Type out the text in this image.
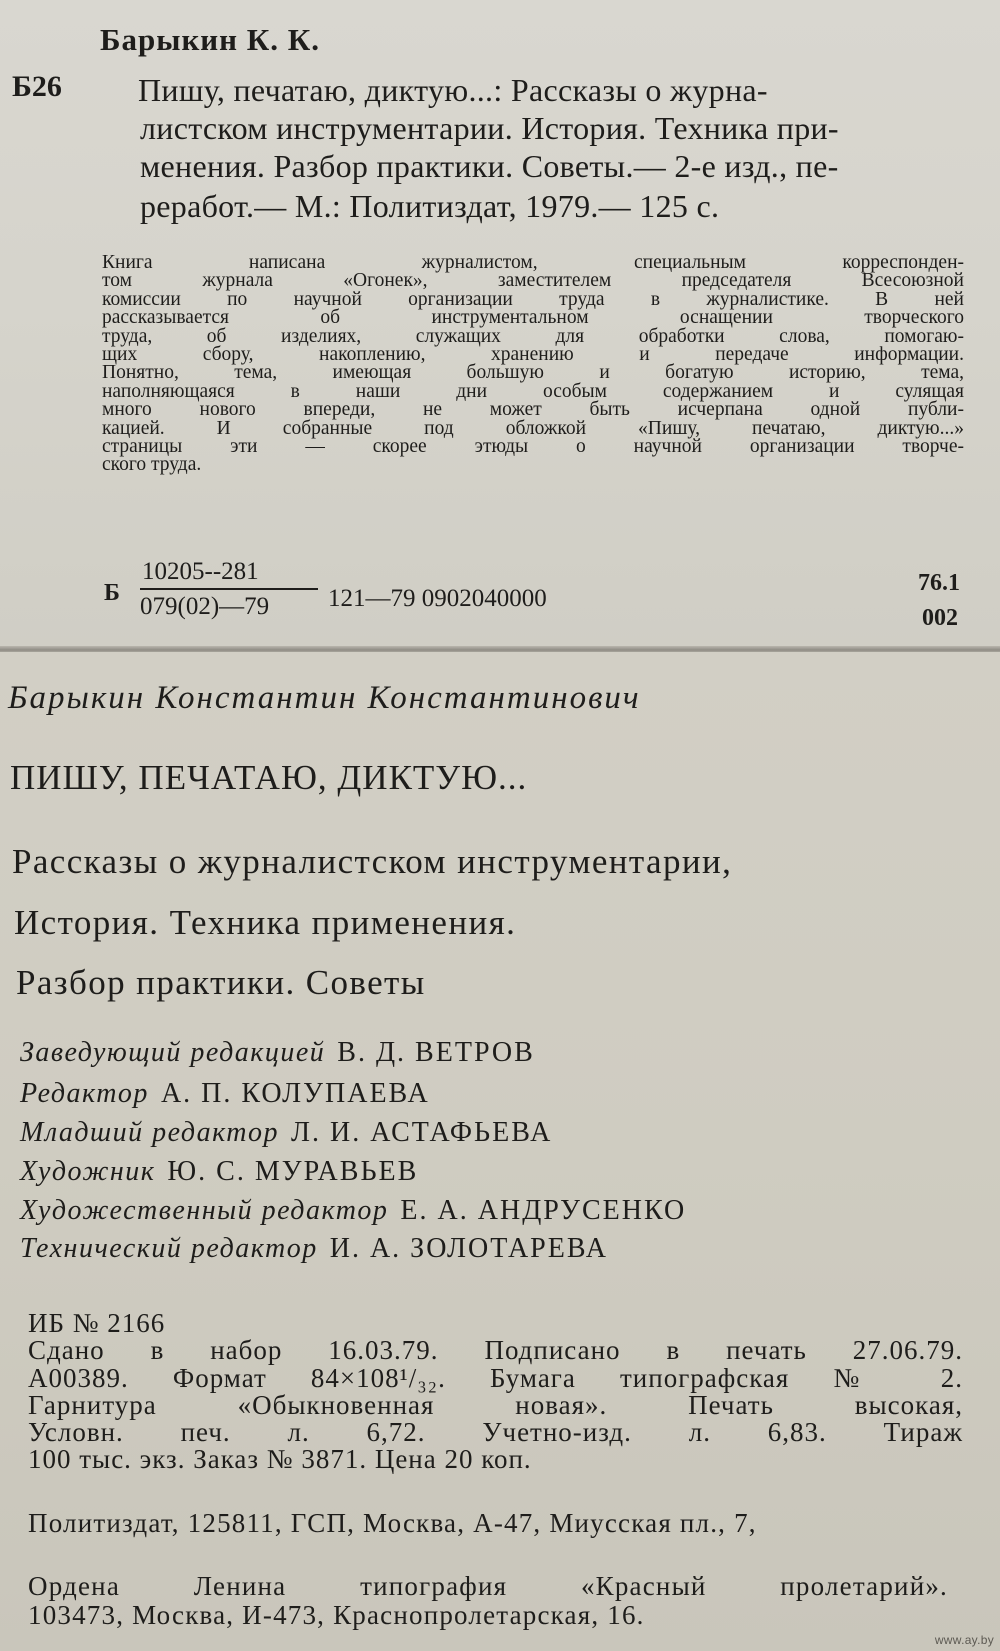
Барыкин К. К.
Б26 Пишу, печатаю, диктую...: Рассказы о журна-
листском инструментарии. История. Техника при-
менения. Разбор практики. Советы.— 2-е изд., пе-
реработ.— М.: Политиздат, 1979.— 125 с.
Книга написана журналистом, специальным корреспонден-
том журнала «Огонек», заместителем председателя Всесоюзной
комиссии по научной организации труда в журналистике. В ней
рассказывается об инструментальном оснащении творческого
труда, об изделиях, служащих для обработки слова, помогаю-
щих сбору, накоплению, хранению и передаче информации.
Понятно, тема, имеющая большую и богатую историю, тема,
наполняющаяся в наши дни особым содержанием и сулящая
много нового впереди, не может быть исчерпана одной публи-
кацией. И собранные под обложкой «Пишу, печатаю, диктую...»
страницы эти — скорее этюды о научной организации творче-
ского труда.
Б
10205--281
079(02)—79 121—79 0902040000
76.1
002
Барыкин Константин Константинович
ПИШУ, ПЕЧАТАЮ, ДИКТУЮ...
Рассказы о журналистском инструментарии,
История. Техника применения.
Разбор практики. Советы
Заведующий редакцией В. Д. ВЕТРОВ
Редактор А. П. КОЛУПАЕВА
Младший редактор Л. И. АСТАФЬЕВА
Художник Ю. С. МУРАВЬЕВ
Художественный редактор Е. А. АНДРУСЕНКО
Технический редактор И. А. ЗОЛОТАРЕВА
ИБ № 2166
Сдано в набор 16.03.79. Подписано в печать 27.06.79.
А00389. Формат 84×108¹/₃₂. Бумага типографская № 2.
Гарнитура «Обыкновенная новая». Печать высокая,
Условн. печ. л. 6,72. Учетно-изд. л. 6,83. Тираж
100 тыс. экз. Заказ № 3871. Цена 20 коп.
Политиздат, 125811, ГСП, Москва, А-47, Миусская пл., 7,
Ордена Ленина типография «Красный пролетарий».
103473, Москва, И-473, Краснопролетарская, 16.
www.ay.by
